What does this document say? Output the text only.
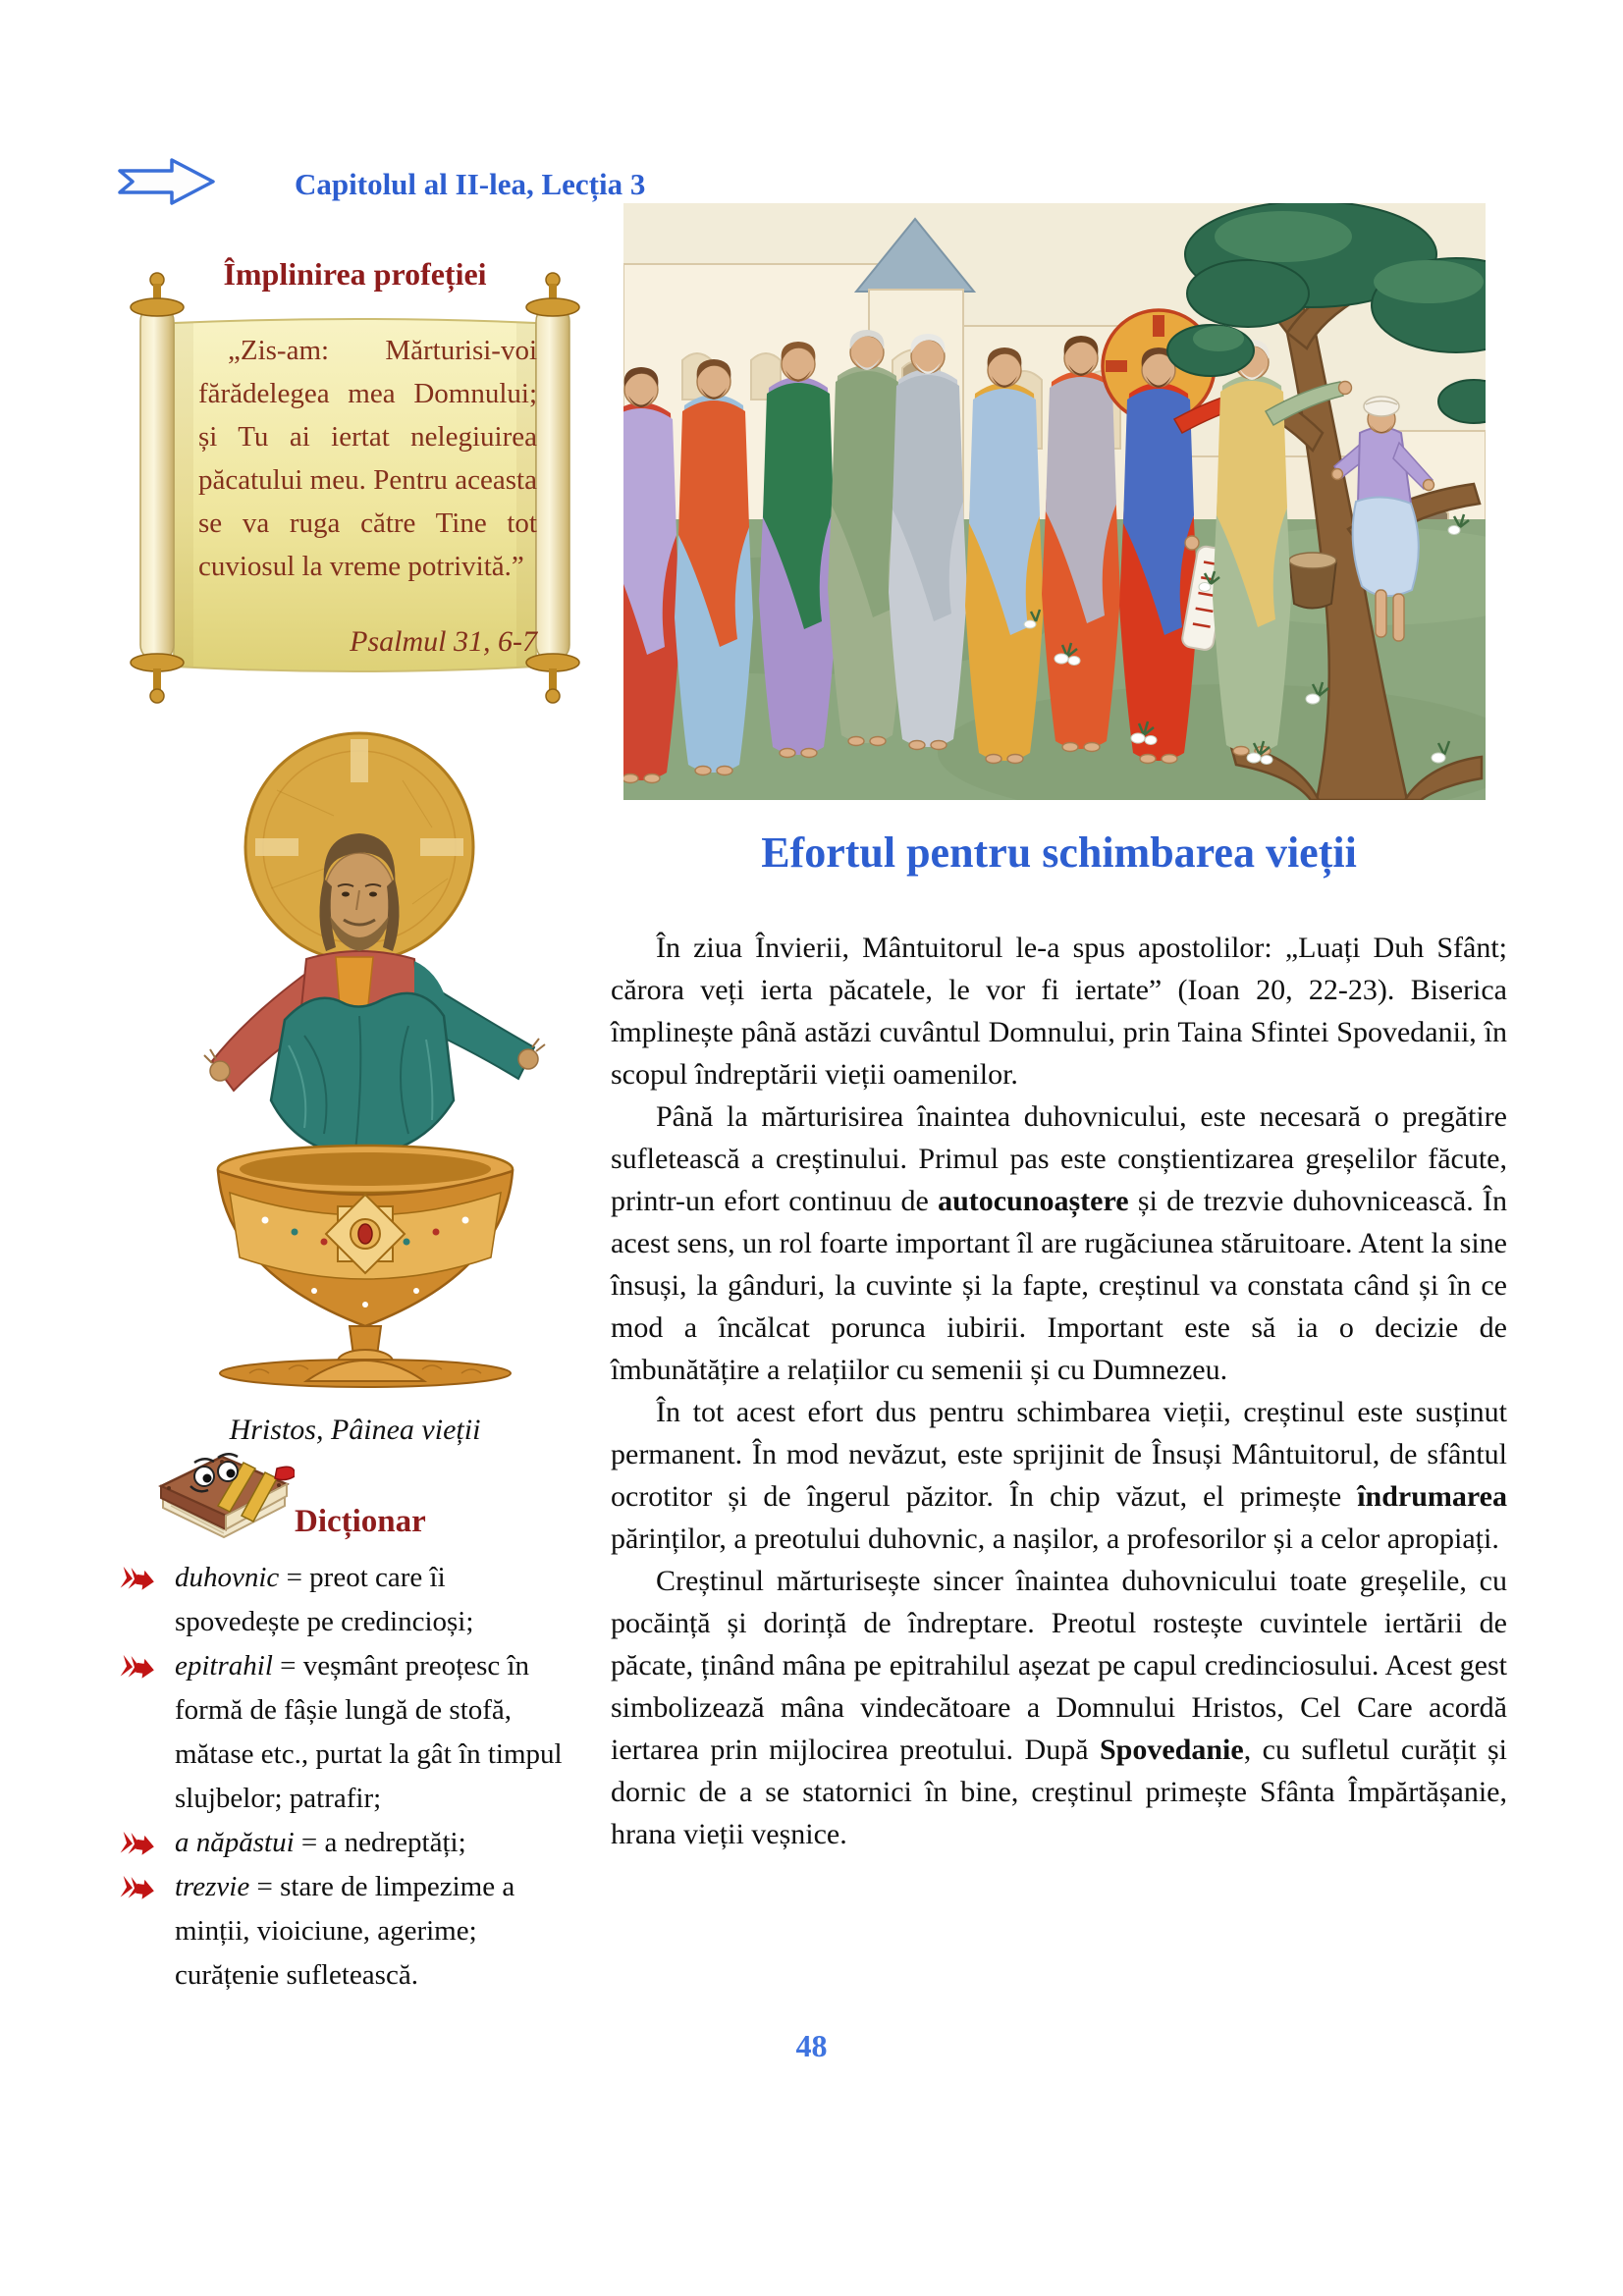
Capitolul al II-lea, Lecția 3
Împlinirea profeției

„Zis-am: Mărturisi-voi fărădelegea mea Domnului; și Tu ai iertat nelegiuirea păcatului meu. Pentru aceasta se va ruga către Tine tot cuviosul la vreme potrivită.”

Psalmul 31, 6-7
Efortul pentru schimbarea vieții

În ziua Învierii, Mântuitorul le-a spus apostolilor: „Luați Duh Sfânt; cărora veți ierta păcatele, le vor fi iertate” (Ioan 20, 22-23). Biserica împlinește până astăzi cuvântul Domnului, prin Taina Sfintei Spovedanii, în scopul îndreptării vieții oamenilor.

Până la mărturisirea înaintea duhovnicului, este necesară o pregătire sufletească a creștinului. Primul pas este conștientizarea greșelilor făcute, printr-un efort continuu de autocunoaștere și de trezvie duhovnicească. În acest sens, un rol foarte important îl are rugăciunea stăruitoare. Atent la sine însuși, la gânduri, la cuvinte și la fapte, creștinul va constata când și în ce mod a încălcat porunca iubirii. Important este să ia o decizie de îmbunătățire a relațiilor cu semenii și cu Dumnezeu.

În tot acest efort dus pentru schimbarea vieții, creștinul este susținut permanent. În mod nevăzut, este sprijinit de Însuși Mântuitorul, de sfântul ocrotitor și de îngerul păzitor. În chip văzut, el primește îndrumarea părinților, a preotului duhovnic, a nașilor, a profesorilor și a celor apropiați.

Creștinul mărturisește sincer înaintea duhovnicului toate greșelile, cu pocăință și dorință de îndreptare. Preotul rostește cuvintele iertării de păcate, ținând mâna pe epitrahilul așezat pe capul credinciosului. Acest gest simbolizează mâna vindecătoare a Domnului Hristos, Cel Care acordă iertarea prin mijlocirea preotului. După Spovedanie, cu sufletul curățit și dornic de a se statornici în bine, creștinul primește Sfânta Împărtășanie, hrana vieții veșnice.

Hristos, Pâinea vieții
Dicționar
duhovnic = preot care îi spovedește pe credincioși;
epitrahil = veșmânt preoțesc în formă de fâșie lungă de stofă, mătase etc., purtat la gât în timpul slujbelor; patrafir;
a năpăstui = a nedreptăți;
trezvie = stare de limpezime a minții, vioiciune, agerime; curățenie sufletească.
48
